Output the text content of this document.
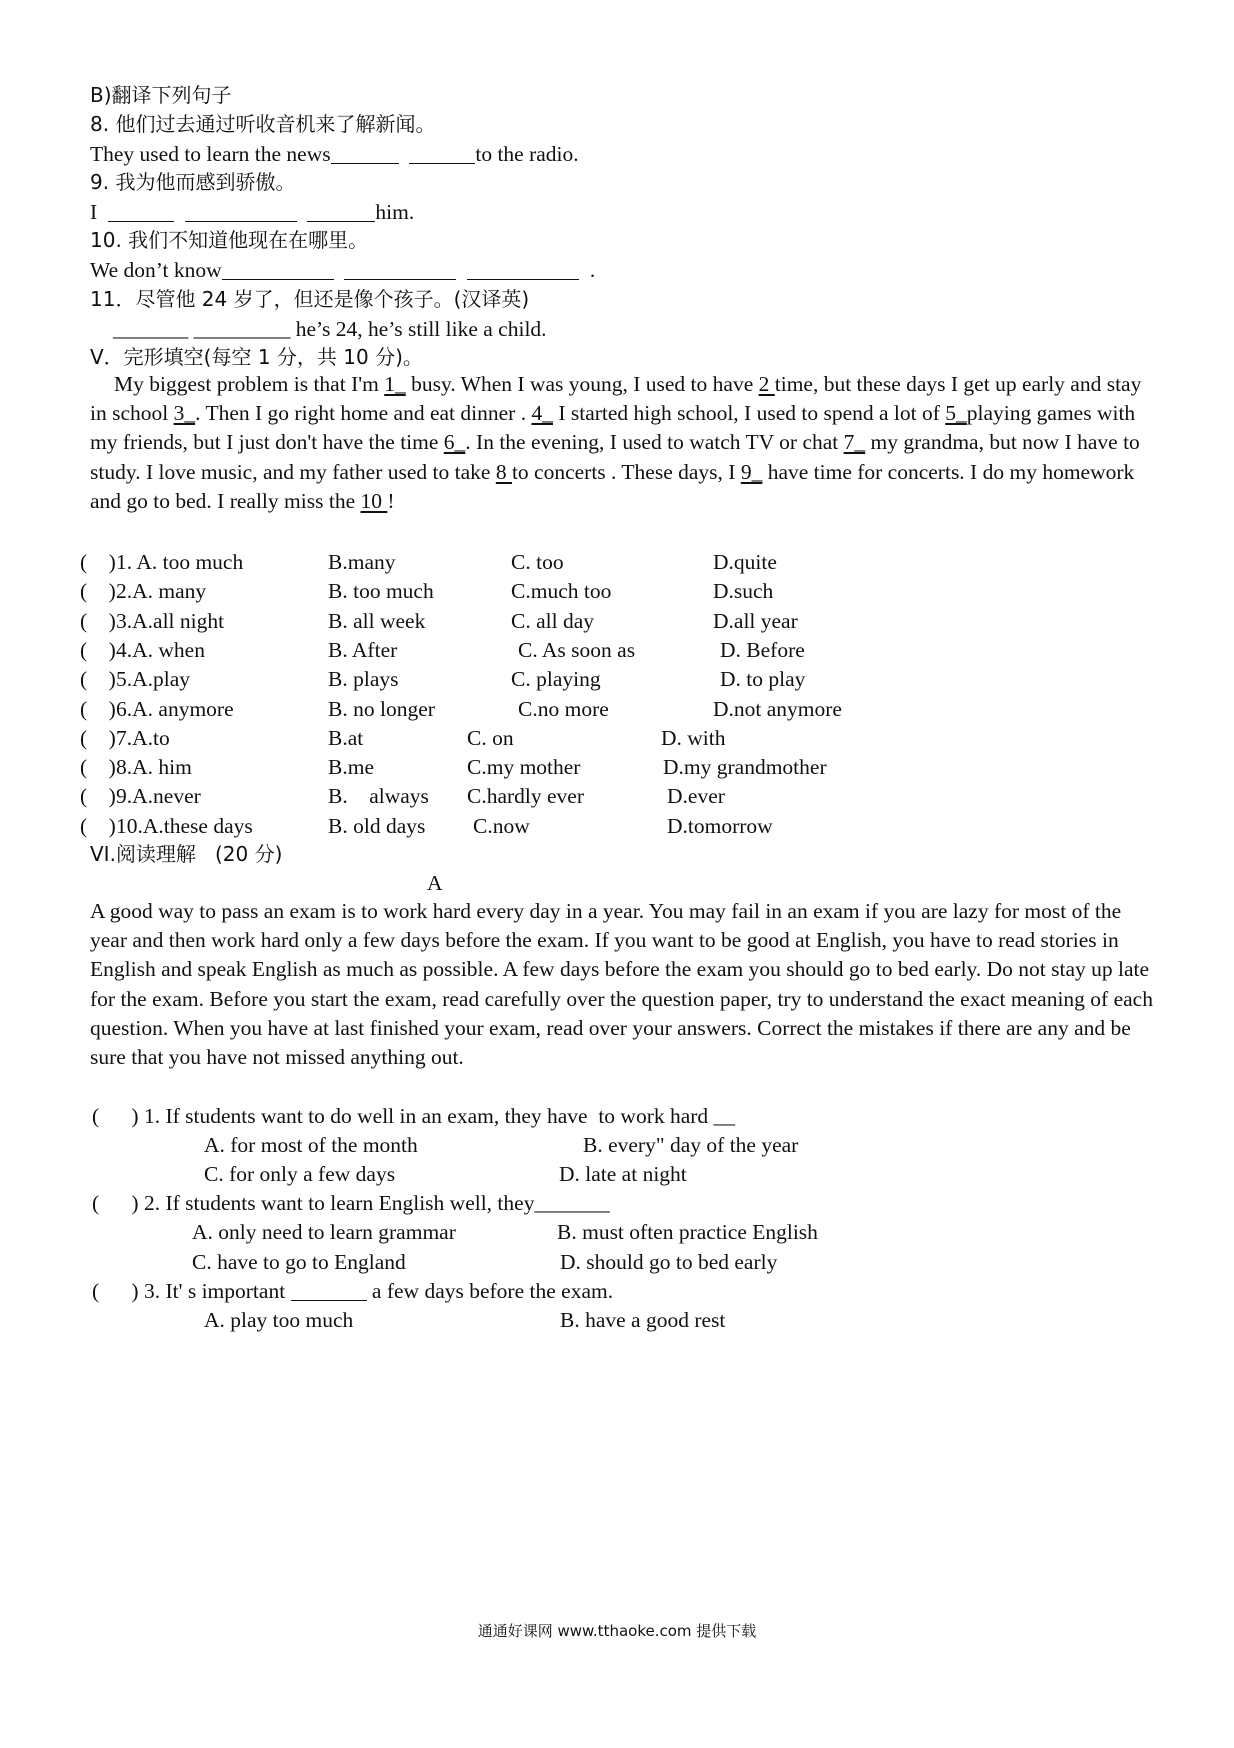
B)翻译下列句子
8. 他们过去通过听收音机来了解新闻。
They used to learn the news	to the radio.
9. 我为他而感到骄傲。
I	him.
10. 我们不知道他现在在哪里。
We don’t know	.
11．尽管他 24 岁了，但还是像个孩子。(汉译英)
_______ _________ he’s 24, he’s still like a child.
V．完形填空(每空 1 分，共 10 分)。
My biggest problem is that I'm 1_ busy. When I was young, I used to have 2 time, but these days I get up early and stay in school 3_. Then I go right home and eat dinner . 4_ I started high school, I used to spend a lot of 5_playing games with my friends, but I just don't have the time 6_. In the evening, I used to watch TV or chat 7_ my grandma, but now I have to study. I love music, and my father used to take 8 to concerts . These days, I 9_ have time for concerts. I do my homework and go to bed. I really miss the 10 !
(    ) 1. A. too much	B.many	C. too	D.quite
(    ) 2.A. many	B. too much	C.much too	D.such
(    ) 3.A.all night	B. all week	C. all day	D.all year
(    ) 4.A. when	B. After	C. As soon as	D. Before
(    ) 5.A.play	B. plays	C. playing	D. to play
(    ) 6.A. anymore	B. no longer	C.no more	D.not anymore
(    ) 7.A.to	B.at	C. on	D. with
(    ) 8.A. him	B.me	C.my mother	D.my grandmother
(    ) 9.A.never	B.    always C.hardly ever	D.ever
(    ) 10.A.these days	B. old days C.now	D.tomorrow
VI.阅读理解   (20 分)
A
A good way to pass an exam is to work hard every day in a year. You may fail in an exam if you are lazy for most of the year and then work hard only a few days before the exam. If you want to be good at English, you have to read stories in English and speak English as much as possible. A few days before the exam you should go to bed early. Do not stay up late for the exam. Before you start the exam, read carefully over the question paper, try to understand the exact meaning of each question. When you have at last finished your exam, read over your answers. Correct the mistakes if there are any and be sure that you have not missed anything out.
(      ) 1. If students want to do well in an exam, they have  to work hard __
A. for most of the month	B. every" day of the year
C. for only a few days	D. late at night
(      ) 2. If students want to learn English well, they_______
A. only need to learn grammar	B. must often practice English
C. have to go to England	D. should go to bed early
(      ) 3. It' s important	a few days before the exam.
A. play too much	B. have a good rest
通通好课网 www.tthaoke.com 提供下载
